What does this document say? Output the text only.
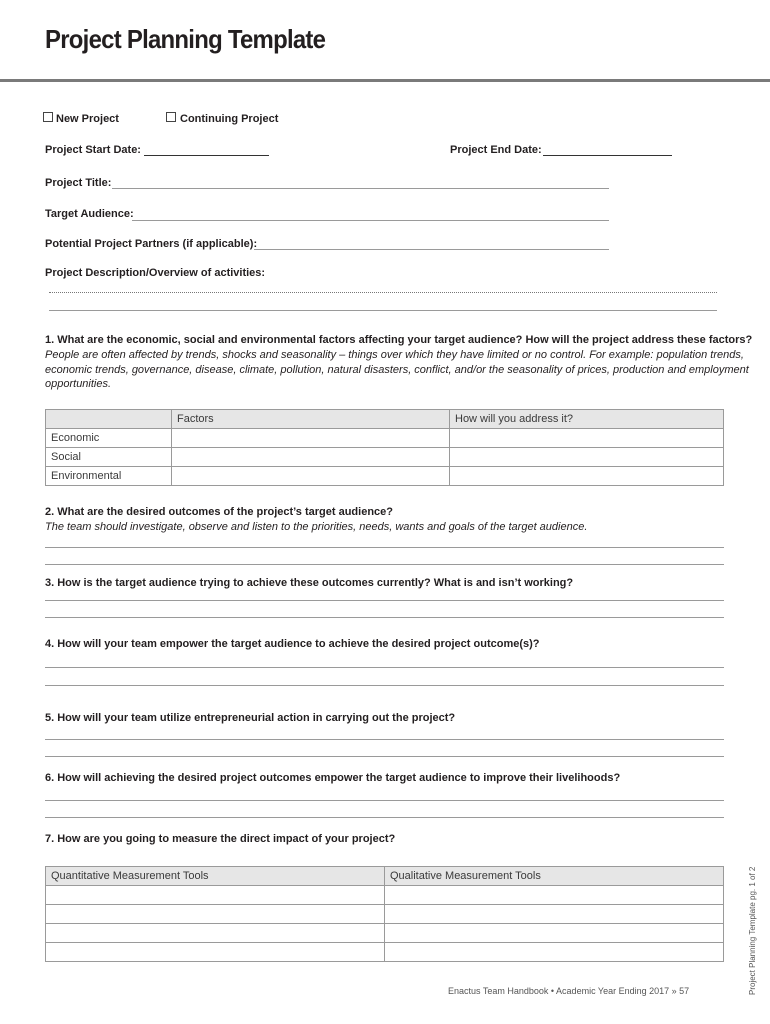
Project Planning Template
New Project	Continuing Project
Project Start Date:	Project End Date:
Project Title:
Target Audience:
Potential Project Partners (if applicable):
Project Description/Overview of activities:
1. What are the economic, social and environmental factors affecting your target audience? How will the project address these factors?
People are often affected by trends, shocks and seasonality – things over which they have limited or no control. For example: population trends, economic trends, governance, disease, climate, pollution, natural disasters, conflict, and/or the seasonality of prices, production and employment opportunities.
	Factors	How will you address it?
Economic		
Social		
Environmental		
2. What are the desired outcomes of the project’s target audience?
The team should investigate, observe and listen to the priorities, needs, wants and goals of the target audience.
3. How is the target audience trying to achieve these outcomes currently? What is and isn’t working?
4. How will your team empower the target audience to achieve the desired project outcome(s)?
5. How will your team utilize entrepreneurial action in carrying out the project?
6. How will achieving the desired project outcomes empower the target audience to improve their livelihoods?
7. How are you going to measure the direct impact of your project?
Quantitative Measurement Tools	Qualitative Measurement Tools

		Project Planning Template pg. 1 of 2
Enactus Team Handbook • Academic Year Ending 2017 » 57
